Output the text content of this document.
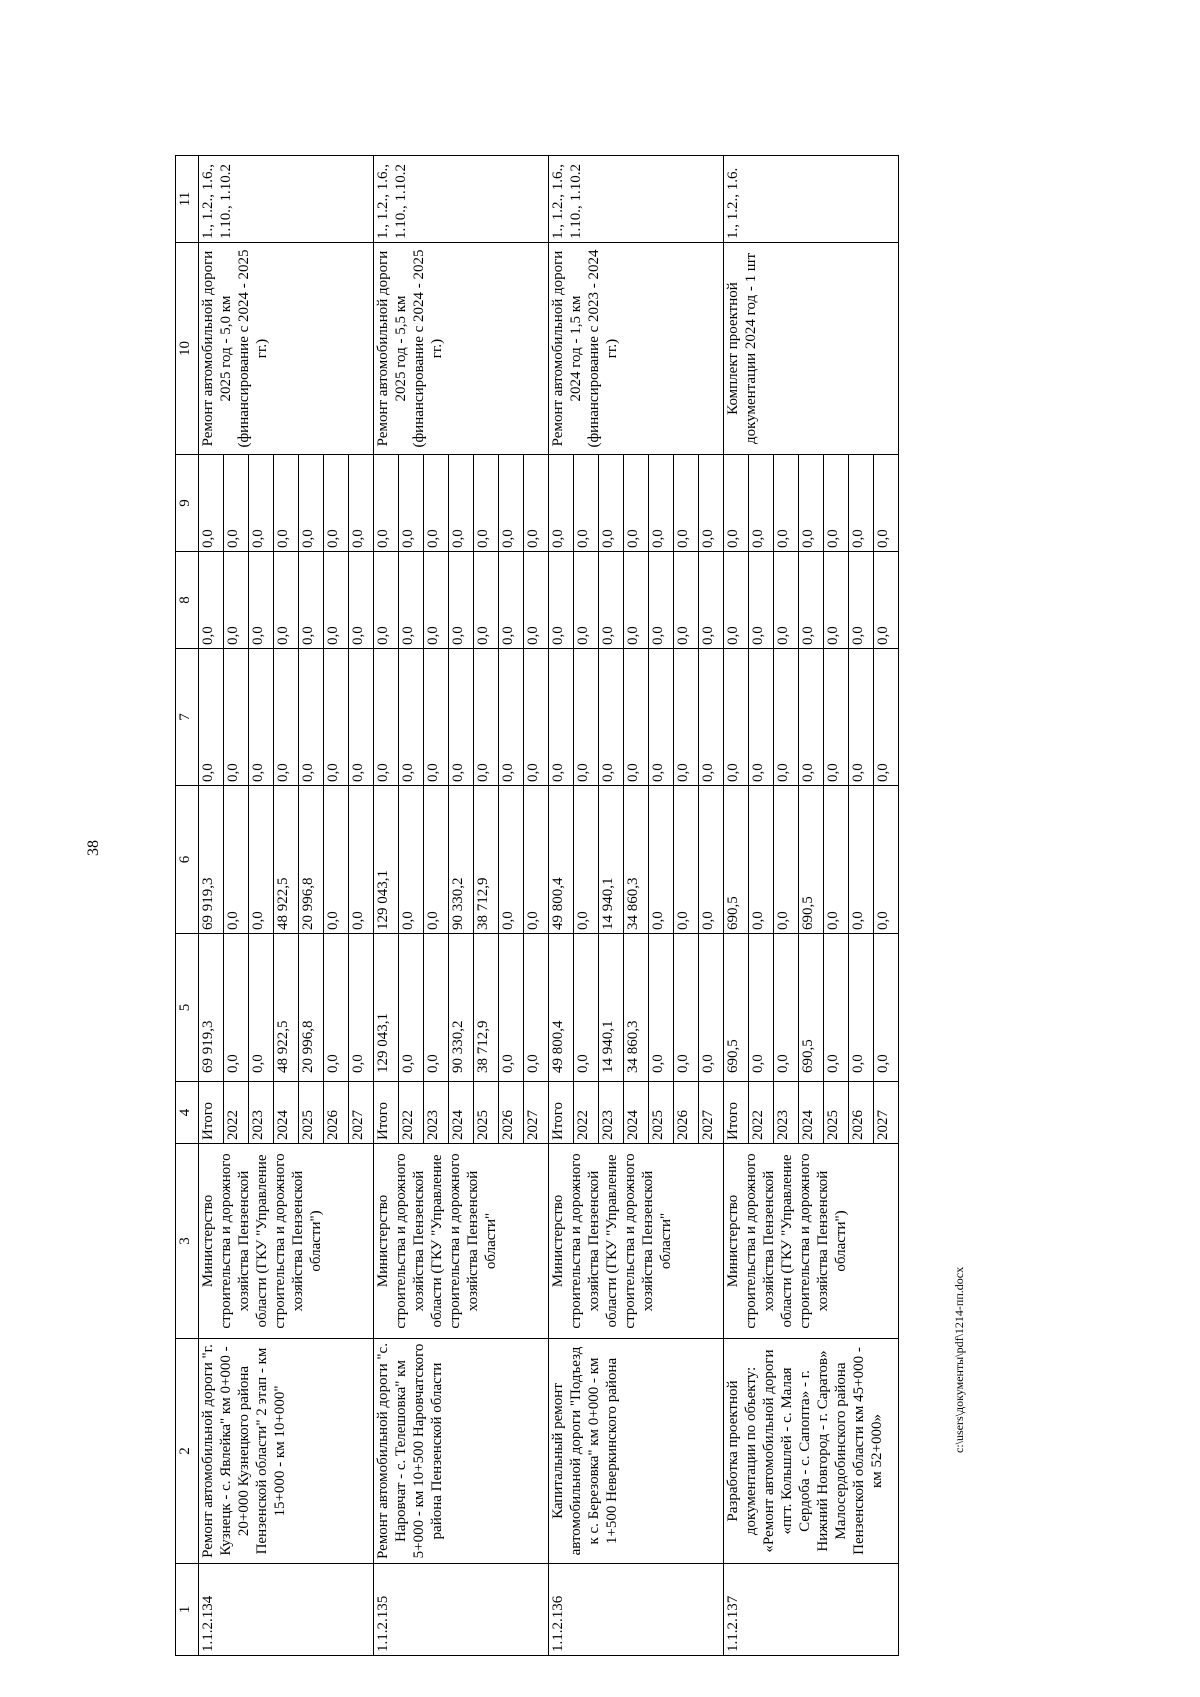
38
1	2	3	4	5	6	7	8	9	10	11
1.1.2.134	Ремонт автомобильной дороги "г. Кузнецк - с. Явлейка" км 0+000 - 20+000 Кузнецкого района Пензенской области" 2 этап - км 15+000 - км 10+000"	Министерство строительства и дорожного хозяйства Пензенской области (ГКУ "Управление строительства и дорожного хозяйства Пензенской области")	Итого	69 919,3	69 919,3	0,0	0,0	0,0	Ремонт автомобильной дороги 2025 год - 5,0 км (финансирование с 2024 - 2025 гг.)	1., 1.2., 1.6., 1.10., 1.10.2
			2022	0,0	0,0	0,0	0,0	0,0		
			2023	0,0	0,0	0,0	0,0	0,0		
			2024	48 922,5	48 922,5	0,0	0,0	0,0		
			2025	20 996,8	20 996,8	0,0	0,0	0,0		
			2026	0,0	0,0	0,0	0,0	0,0		
			2027	0,0	0,0	0,0	0,0	0,0		
1.1.2.135	Ремонт автомобильной дороги "с. Наровчат - с. Телешовка" км 5+000 - км 10+500 Наровчатского района Пензенской области	Министерство строительства и дорожного хозяйства Пензенской области (ГКУ "Управление строительства и дорожного хозяйства Пензенской области"	Итого	129 043,1	129 043,1	0,0	0,0	0,0	Ремонт автомобильной дороги 2025 год - 5,5 км (финансирование с 2024 - 2025 гг.)	1., 1.2., 1.6., 1.10., 1.10.2
			2022	0,0	0,0	0,0	0,0	0,0		
			2023	0,0	0,0	0,0	0,0	0,0		
			2024	90 330,2	90 330,2	0,0	0,0	0,0		
			2025	38 712,9	38 712,9	0,0	0,0	0,0		
			2026	0,0	0,0	0,0	0,0	0,0		
			2027	0,0	0,0	0,0	0,0	0,0		
1.1.2.136	Капитальный ремонт автомобильной дороги "Подъезд к с. Березовка" км 0+000 - км 1+500 Неверкинского района	Министерство строительства и дорожного хозяйства Пензенской области (ГКУ "Управление строительства и дорожного хозяйства Пензенской области"	Итого	49 800,4	49 800,4	0,0	0,0	0,0	Ремонт автомобильной дороги 2024 год - 1,5 км (финансирование с 2023 - 2024 гг.)	1., 1.2., 1.6., 1.10., 1.10.2
			2022	0,0	0,0	0,0	0,0	0,0		
			2023	14 940,1	14 940,1	0,0	0,0	0,0		
			2024	34 860,3	34 860,3	0,0	0,0	0,0		
			2025	0,0	0,0	0,0	0,0	0,0		
			2026	0,0	0,0	0,0	0,0	0,0		
			2027	0,0	0,0	0,0	0,0	0,0		
1.1.2.137	Разработка проектной документации по объекту: «Ремонт автомобильной дороги «пгт. Кольшлей - с. Малая Сердоба - с. Сапопта» - г. Нижний Новгород - г. Саратов» Малосердобинского района Пензенской области км 45+000 - км 52+000»	Министерство строительства и дорожного хозяйства Пензенской области (ГКУ "Управление строительства и дорожного хозяйства Пензенской области")	Итого	690,5	690,5	0,0	0,0	0,0	Комплект проектной документации 2024 год - 1 шт	1., 1.2., 1.6.
			2022	0,0	0,0	0,0	0,0	0,0		
			2023	0,0	0,0	0,0	0,0	0,0		
			2024	690,5	690,5	0,0	0,0	0,0		
			2025	0,0	0,0	0,0	0,0	0,0		
			2026	0,0	0,0	0,0	0,0	0,0		
			2027	0,0	0,0	0,0	0,0	0,0		
c:\users\документы\pdf\1214-пп.docx
